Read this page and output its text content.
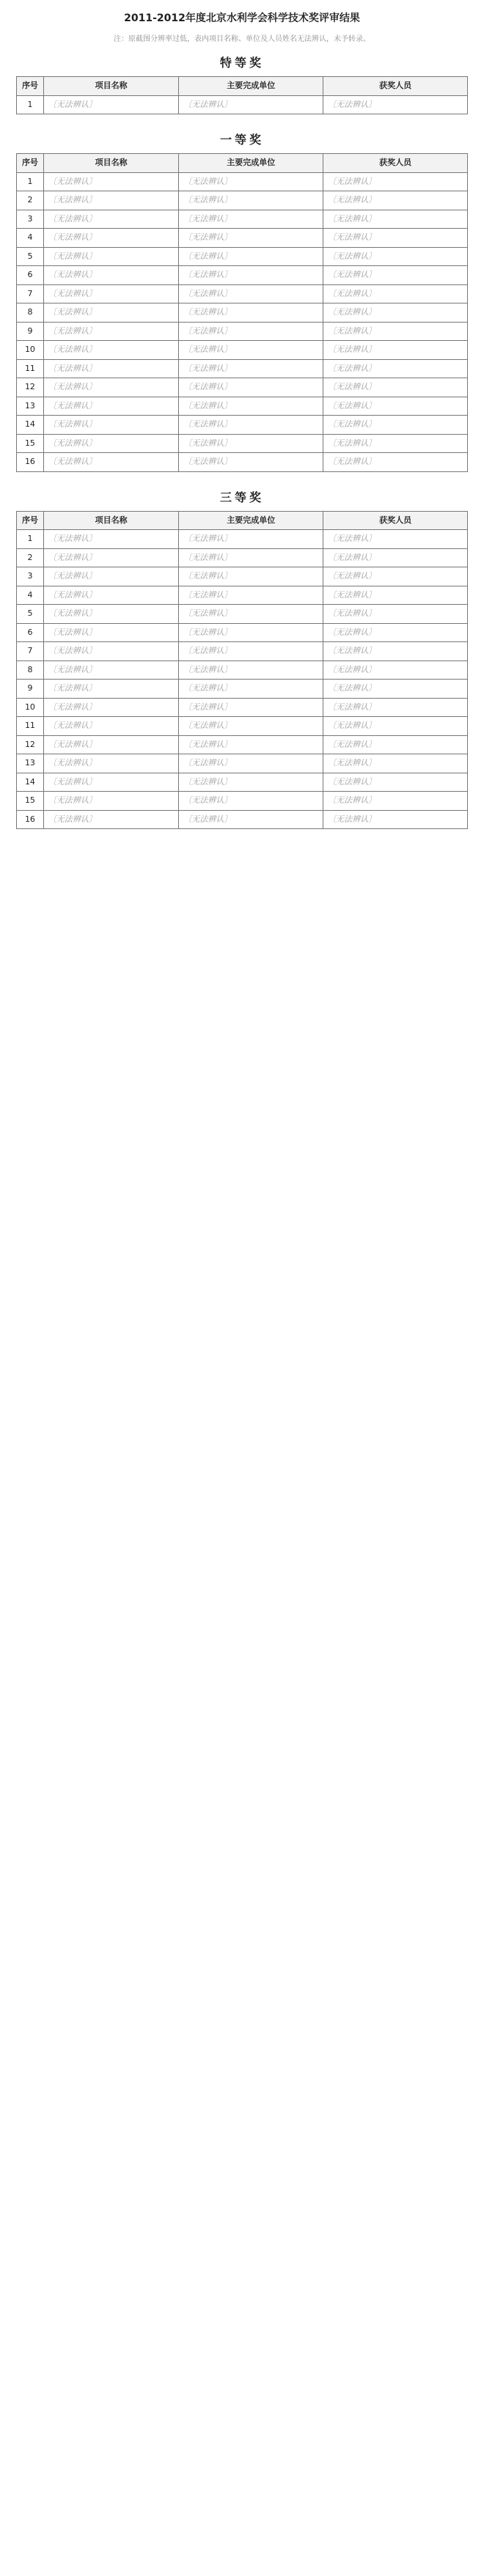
2011-2012年度北京水利学会科学技术奖评审结果
注：原截图分辨率过低，表内项目名称、单位及人员姓名无法辨认，未予转录。
特等奖
序号	项目名称	主要完成单位	获奖人员
1	〔无法辨认〕	〔无法辨认〕	〔无法辨认〕
一等奖
序号	项目名称	主要完成单位	获奖人员
1	〔无法辨认〕	〔无法辨认〕	〔无法辨认〕
2	〔无法辨认〕	〔无法辨认〕	〔无法辨认〕
3	〔无法辨认〕	〔无法辨认〕	〔无法辨认〕
4	〔无法辨认〕	〔无法辨认〕	〔无法辨认〕
5	〔无法辨认〕	〔无法辨认〕	〔无法辨认〕
6	〔无法辨认〕	〔无法辨认〕	〔无法辨认〕
7	〔无法辨认〕	〔无法辨认〕	〔无法辨认〕
8	〔无法辨认〕	〔无法辨认〕	〔无法辨认〕
9	〔无法辨认〕	〔无法辨认〕	〔无法辨认〕
10	〔无法辨认〕	〔无法辨认〕	〔无法辨认〕
11	〔无法辨认〕	〔无法辨认〕	〔无法辨认〕
12	〔无法辨认〕	〔无法辨认〕	〔无法辨认〕
13	〔无法辨认〕	〔无法辨认〕	〔无法辨认〕
14	〔无法辨认〕	〔无法辨认〕	〔无法辨认〕
15	〔无法辨认〕	〔无法辨认〕	〔无法辨认〕
16	〔无法辨认〕	〔无法辨认〕	〔无法辨认〕
三等奖
序号	项目名称	主要完成单位	获奖人员
1	〔无法辨认〕	〔无法辨认〕	〔无法辨认〕
2	〔无法辨认〕	〔无法辨认〕	〔无法辨认〕
3	〔无法辨认〕	〔无法辨认〕	〔无法辨认〕
4	〔无法辨认〕	〔无法辨认〕	〔无法辨认〕
5	〔无法辨认〕	〔无法辨认〕	〔无法辨认〕
6	〔无法辨认〕	〔无法辨认〕	〔无法辨认〕
7	〔无法辨认〕	〔无法辨认〕	〔无法辨认〕
8	〔无法辨认〕	〔无法辨认〕	〔无法辨认〕
9	〔无法辨认〕	〔无法辨认〕	〔无法辨认〕
10	〔无法辨认〕	〔无法辨认〕	〔无法辨认〕
11	〔无法辨认〕	〔无法辨认〕	〔无法辨认〕
12	〔无法辨认〕	〔无法辨认〕	〔无法辨认〕
13	〔无法辨认〕	〔无法辨认〕	〔无法辨认〕
14	〔无法辨认〕	〔无法辨认〕	〔无法辨认〕
15	〔无法辨认〕	〔无法辨认〕	〔无法辨认〕
16	〔无法辨认〕	〔无法辨认〕	〔无法辨认〕
